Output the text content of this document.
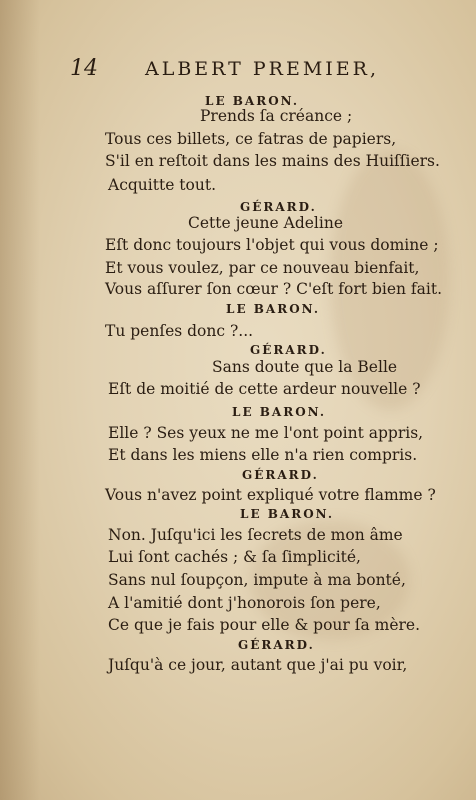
14 ALBERT PREMIER,
LE BARON.
Prends ſa créance ;
Tous ces billets, ce fatras de papiers,
S'il en reſtoit dans les mains des Huiſſiers.
Acquitte tout.
GÉRARD.
Cette jeune Adeline
Eſt donc toujours l'objet qui vous domine ;
Et vous voulez, par ce nouveau bienfait,
Vous aſſurer ſon cœur ? C'eſt fort bien fait.
LE BARON.
Tu penſes donc ?...
GÉRARD.
Sans doute que la Belle
Eſt de moitié de cette ardeur nouvelle ?
LE BARON.
Elle ? Ses yeux ne me l'ont point appris,
Et dans les miens elle n'a rien compris.
GÉRARD.
Vous n'avez point expliqué votre flamme ?
LE BARON.
Non. Juſqu'ici les ſecrets de mon âme
Lui ſont cachés ; & ſa ſimplicité,
Sans nul ſoupçon, impute à ma bonté,
A l'amitié dont j'honorois ſon pere,
Ce que je fais pour elle & pour ſa mère.
GÉRARD.
Juſqu'à ce jour, autant que j'ai pu voir,
